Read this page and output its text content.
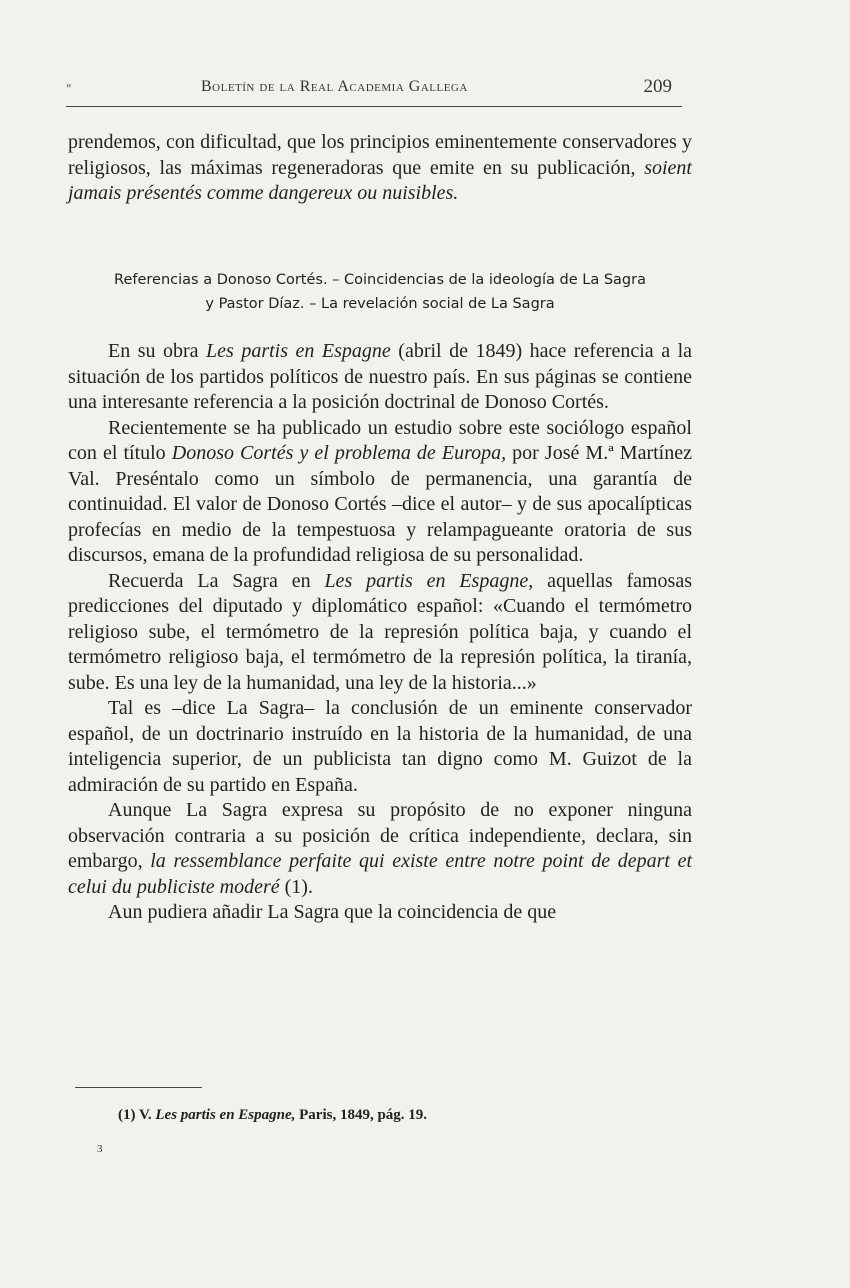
"	Boletín de la Real Academia Gallega	209

prendemos, con dificultad, que los principios eminentemente conservadores y religiosos, las máximas regeneradoras que emite en su publicación, soient jamais présentés comme dangereux ou nuisibles.

Referencias a Donoso Cortés. – Coincidencias de la ideología de La Sagra
y Pastor Díaz. – La revelación social de La Sagra

En su obra Les partis en Espagne (abril de 1849) hace referencia a la situación de los partidos políticos de nuestro país. En sus páginas se contiene una interesante referencia a la posición doctrinal de Donoso Cortés.

Recientemente se ha publicado un estudio sobre este sociólogo español con el título Donoso Cortés y el problema de Europa, por José M.ª Martínez Val. Preséntalo como un símbolo de permanencia, una garantía de continuidad. El valor de Donoso Cortés –dice el autor– y de sus apocalípticas profecías en medio de la tempestuosa y relampagueante oratoria de sus discursos, emana de la profundidad religiosa de su personalidad.

Recuerda La Sagra en Les partis en Espagne, aquellas famosas predicciones del diputado y diplomático español: «Cuando el termómetro religioso sube, el termómetro de la represión política baja, y cuando el termómetro religioso baja, el termómetro de la represión política, la tiranía, sube. Es una ley de la humanidad, una ley de la historia...»

Tal es –dice La Sagra– la conclusión de un eminente conservador español, de un doctrinario instruído en la historia de la humanidad, de una inteligencia superior, de un publicista tan digno como M. Guizot de la admiración de su partido en España.

Aunque La Sagra expresa su propósito de no exponer ninguna observación contraria a su posición de crítica independiente, declara, sin embargo, la ressemblance perfaite qui existe entre notre point de depart et celui du publiciste moderé (1).

Aun pudiera añadir La Sagra que la coincidencia de que

(1) V. Les partis en Espagne, Paris, 1849, pág. 19.
3
